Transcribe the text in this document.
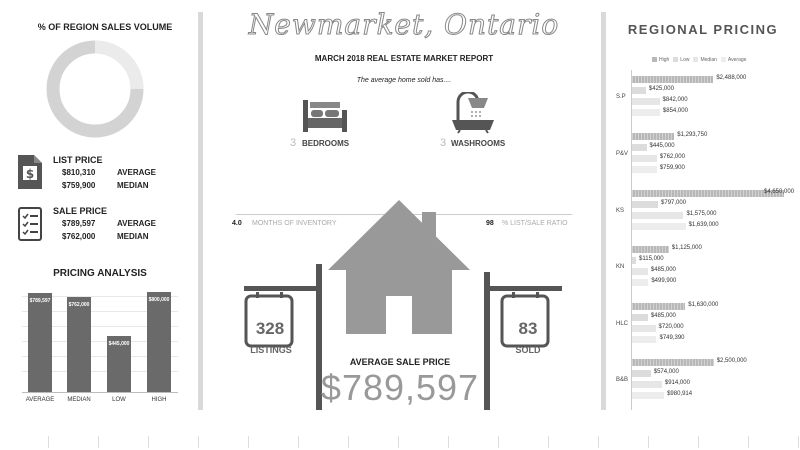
% OF REGION SALES VOLUME
$
LIST PRICE
$810,310	AVERAGE
$759,900	MEDIAN
SALE PRICE
$789,597	AVERAGE
$762,000	MEDIAN
PRICING ANALYSIS
$789,597
AVERAGE
$762,000
MEDIAN
$445,000
LOW
$800,000
HIGH
Newmarket, Ontario
MARCH 2018 REAL ESTATE MARKET REPORT
The average home sold has....
3 BEDROOMS	3 WASHROOMS
4.0 MONTHS OF INVENTORY	98 % LIST/SALE RATIO
328
LISTINGS
83
SOLD
AVERAGE SALE PRICE
$789,597
REGIONAL PRICING
High Low Median Average
S.P
$2,488,000
$425,000
$842,000
$854,000
P&V
$1,293,750
$445,000
$762,000
$759,900
KS
$4,650,000
$797,000
$1,575,000
$1,639,000
KN
$1,125,000
$115,000
$485,000
$499,900
HLC
$1,630,000
$485,000
$720,000
$749,390
B&B
$2,500,000
$574,000
$914,000
$980,914
